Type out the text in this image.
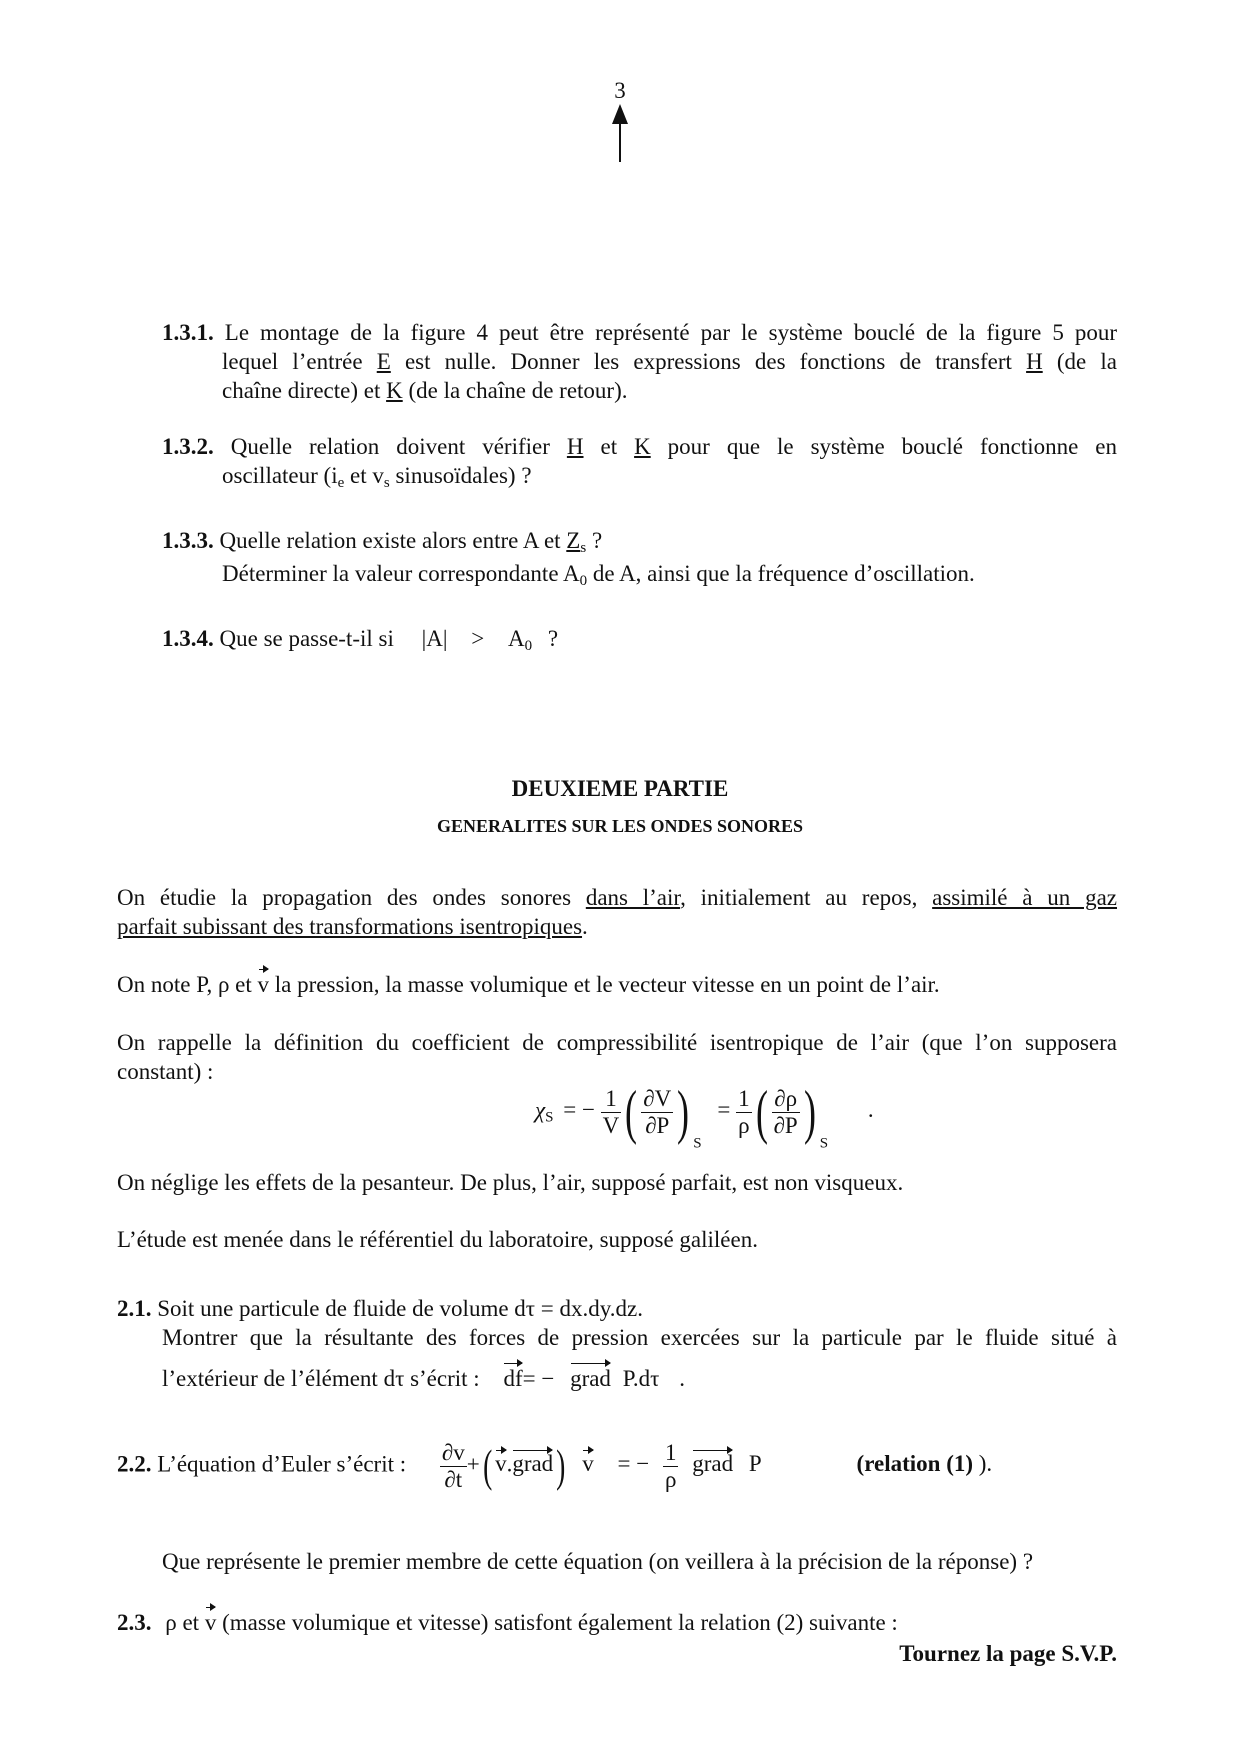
3
1.3.1. Le montage de la figure 4 peut être représenté par le système bouclé de la figure 5 pour
lequel l’entrée E est nulle. Donner les expressions des fonctions de transfert H (de la
chaîne directe) et K (de la chaîne de retour).
1.3.2. Quelle relation doivent vérifier H et K pour que le système bouclé fonctionne en
oscillateur ($i_e$ et $v_s$ sinusoïdales) ?
1.3.3. Quelle relation existe alors entre A et $Z_s$ ?
Déterminer la valeur correspondante $A_0$ de A, ainsi que la fréquence d’oscillation.
1.3.4. Que se passe-t-il si $|A| > A_0$ ?
DEUXIEME PARTIE
GENERALITES SUR LES ONDES SONORES
On étudie la propagation des ondes sonores dans l’air, initialement au repos, assimilé à un gaz
parfait subissant des transformations isentropiques.
On note P, ρ et v la pression, la masse volumique et le vecteur vitesse en un point de l’air.
On rappelle la définition du coefficient de compressibilité isentropique de l’air (que l’on supposera
constant) :
$\chi_S$ = − $\frac{1}{V}$ ( $\frac{\partial V}{\partial P}$ ) $_S = \frac{1}{\rho}$ ( $\frac{\partial\rho}{\partial P}$ ) $_S$ .
On néglige les effets de la pesanteur. De plus, l’air, supposé parfait, est non visqueux.
L’étude est menée dans le référentiel du laboratoire, supposé galiléen.
2.1. Soit une particule de fluide de volume dτ = dx.dy.dz.
Montrer que la résultante des forces de pression exercées sur la particule par le fluide situé à
l’extérieur de l’élément dτ s’écrit : df= − grad P.dτ .
2.2. L’équation d’Euler s’écrit : $\frac{\partial v}{\partial t}$ +( v.grad) v = − $\frac{1}{\rho}$ grad P	(relation (1) ).
Que représente le premier membre de cette équation (on veillera à la précision de la réponse) ?
2.3. ρ et v (masse volumique et vitesse) satisfont également la relation (2) suivante :
Tournez la page S.V.P.
